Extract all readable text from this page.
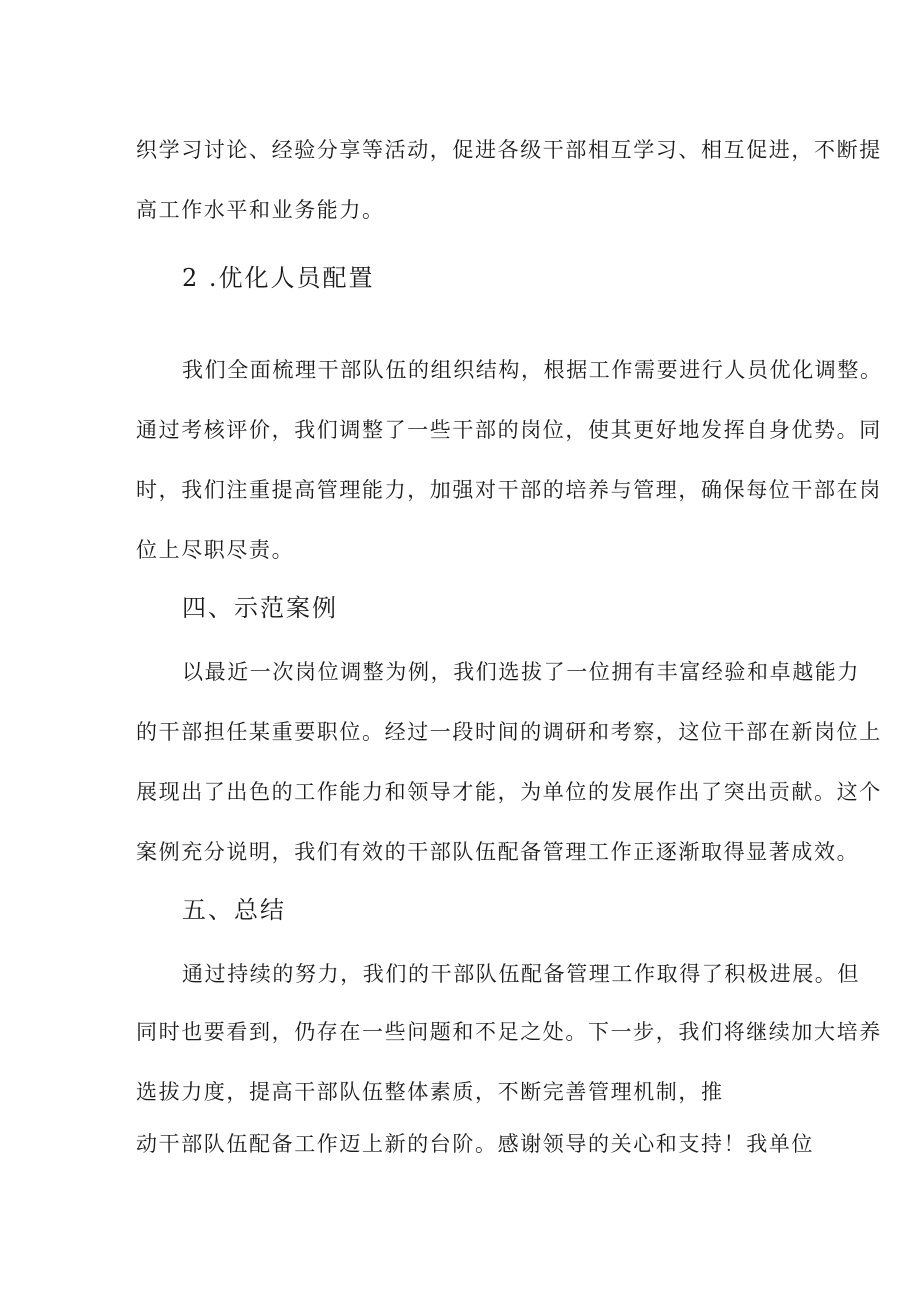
织学习讨论、经验分享等活动，促进各级干部相互学习、相互促进，不断提
高工作水平和业务能力。
2 .优化人员配置
我们全面梳理干部队伍的组织结构，根据工作需要进行人员优化调整。
通过考核评价，我们调整了一些干部的岗位，使其更好地发挥自身优势。同
时，我们注重提高管理能力，加强对干部的培养与管理，确保每位干部在岗
位上尽职尽责。
四、示范案例
以最近一次岗位调整为例，我们选拔了一位拥有丰富经验和卓越能力
的干部担任某重要职位。经过一段时间的调研和考察，这位干部在新岗位上
展现出了出色的工作能力和领导才能，为单位的发展作出了突出贡献。这个
案例充分说明，我们有效的干部队伍配备管理工作正逐渐取得显著成效。
五、总结
通过持续的努力，我们的干部队伍配备管理工作取得了积极进展。但
同时也要看到，仍存在一些问题和不足之处。下一步，我们将继续加大培养
选拔力度，提高干部队伍整体素质，不断完善管理机制，推
动干部队伍配备工作迈上新的台阶。感谢领导的关心和支持！我单位
